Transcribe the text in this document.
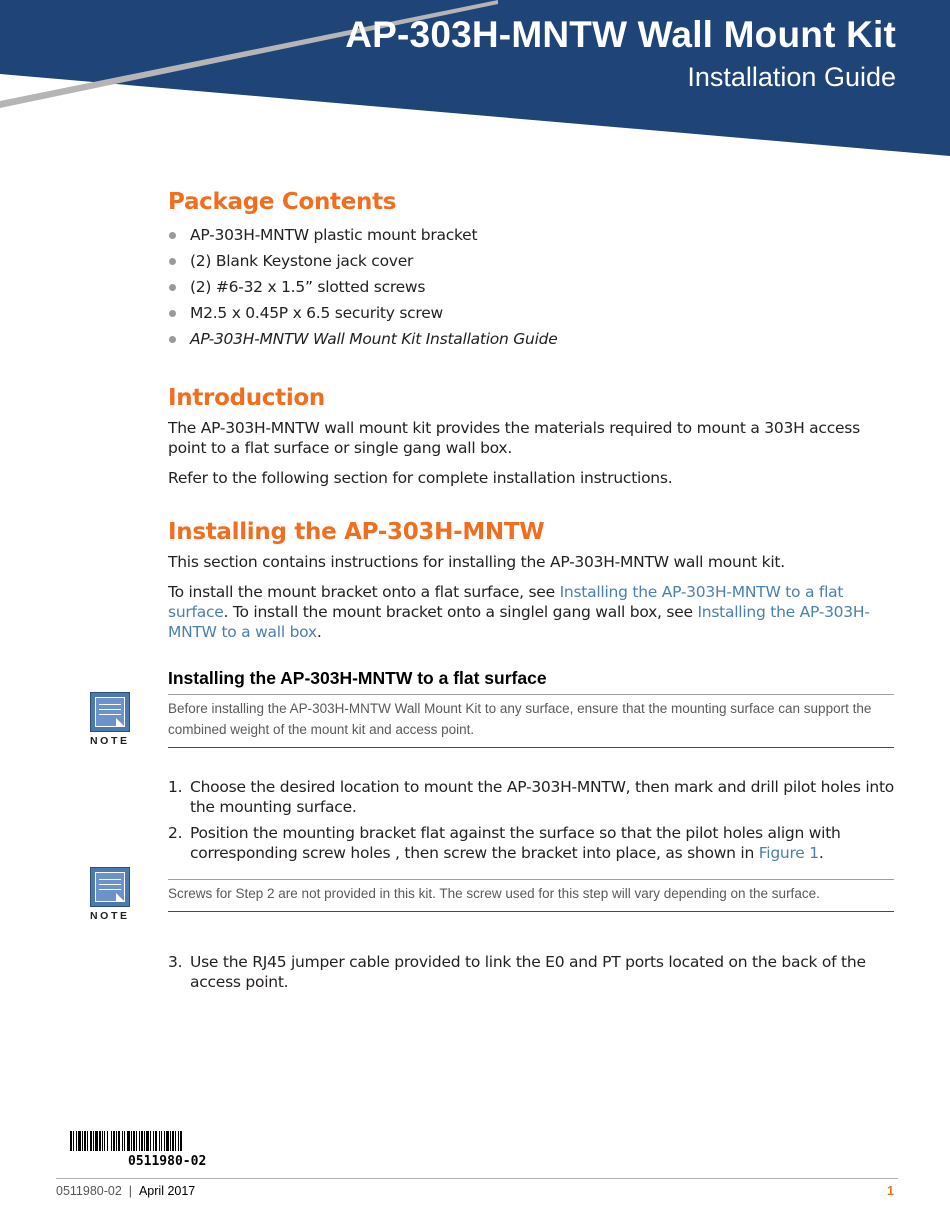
AP-303H-MNTW Wall Mount Kit
Installation Guide
Package Contents
AP-303H-MNTW plastic mount bracket
(2) Blank Keystone jack cover
(2) #6-32 x 1.5” slotted screws
M2.5 x 0.45P x 6.5 security screw
AP-303H-MNTW Wall Mount Kit Installation Guide
Introduction
The AP-303H-MNTW wall mount kit provides the materials required to mount a 303H access point to a flat surface or single gang wall box.
Refer to the following section for complete installation instructions.
Installing the AP-303H-MNTW
This section contains instructions for installing the AP-303H-MNTW wall mount kit.
To install the mount bracket onto a flat surface, see Installing the AP-303H-MNTW to a flat surface. To install the mount bracket onto a singlel gang wall box, see Installing the AP-303H-MNTW to a wall box.
Installing the AP-303H-MNTW to a flat surface
1. Choose the desired location to mount the AP-303H-MNTW, then mark and drill pilot holes into the mounting surface.
2. Position the mounting bracket flat against the surface so that the pilot holes align with corresponding screw holes , then screw the bracket into place, as shown in Figure 1.
3. Use the RJ45 jumper cable provided to link the E0 and PT ports located on the back of the access point.
NOTE
Before installing the AP-303H-MNTW Wall Mount Kit to any surface, ensure that the mounting surface can support the combined weight of the mount kit and access point.
NOTE
Screws for Step 2 are not provided in this kit. The screw used for this step will vary depending on the surface.
0511980-02
0511980-02 | April 2017	1
